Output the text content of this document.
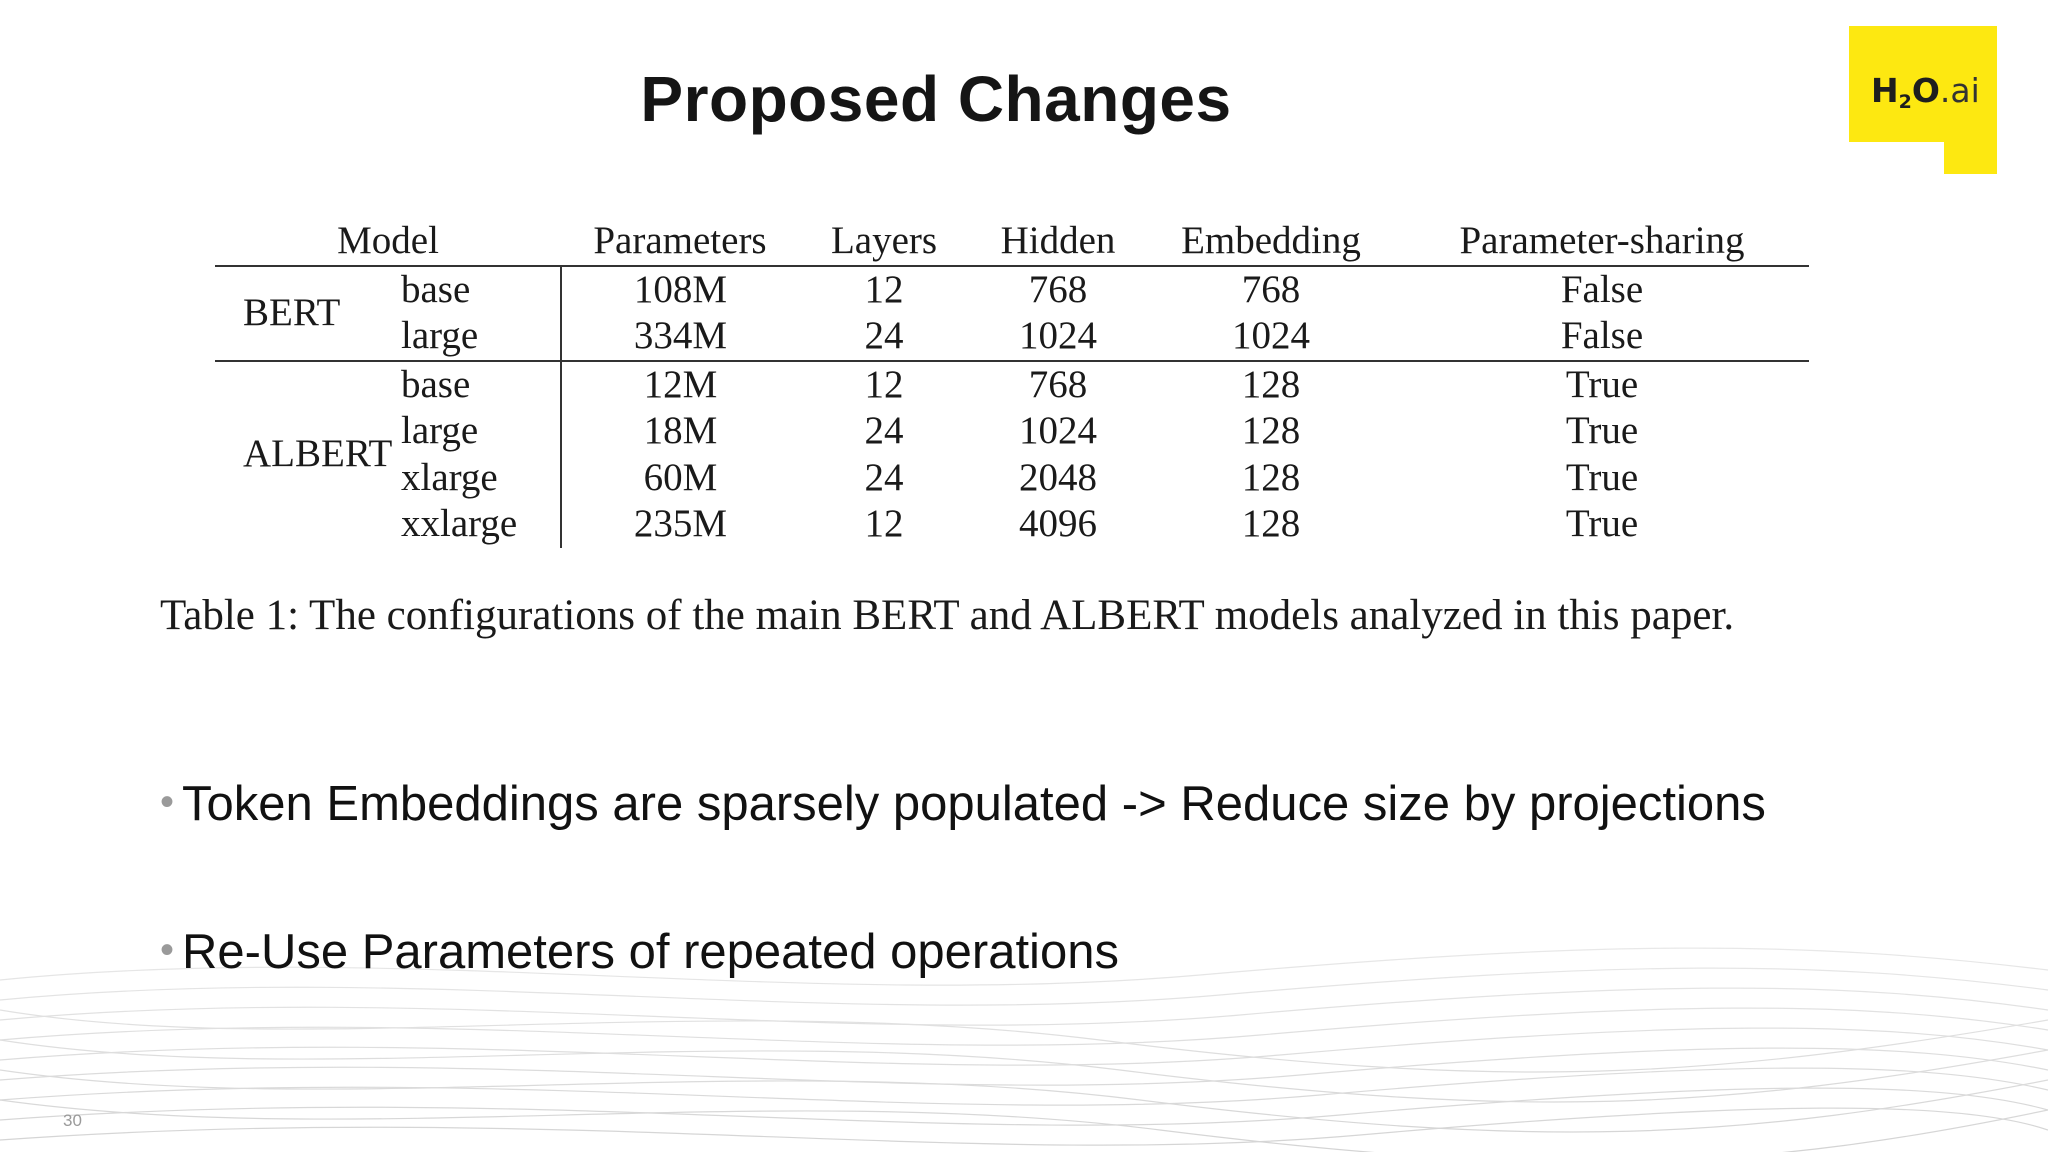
Proposed Changes	$H_2O.ai$
Model		Parameters	Layers	Hidden	Embedding	Parameter-sharing
BERT	base	108M	12	768	768	False
	large	334M	24	1024	1024	False
ALBERT	base	12M	12	768	128	True
	large	18M	24	1024	128	True
	xlarge	60M	24	2048	128	True
	xxlarge	235M	12	4096	128	True
Table 1: The configurations of the main BERT and ALBERT models analyzed in this paper.
• Token Embeddings are sparsely populated -> Reduce size by projections
• Re-Use Parameters of repeated operations
30
